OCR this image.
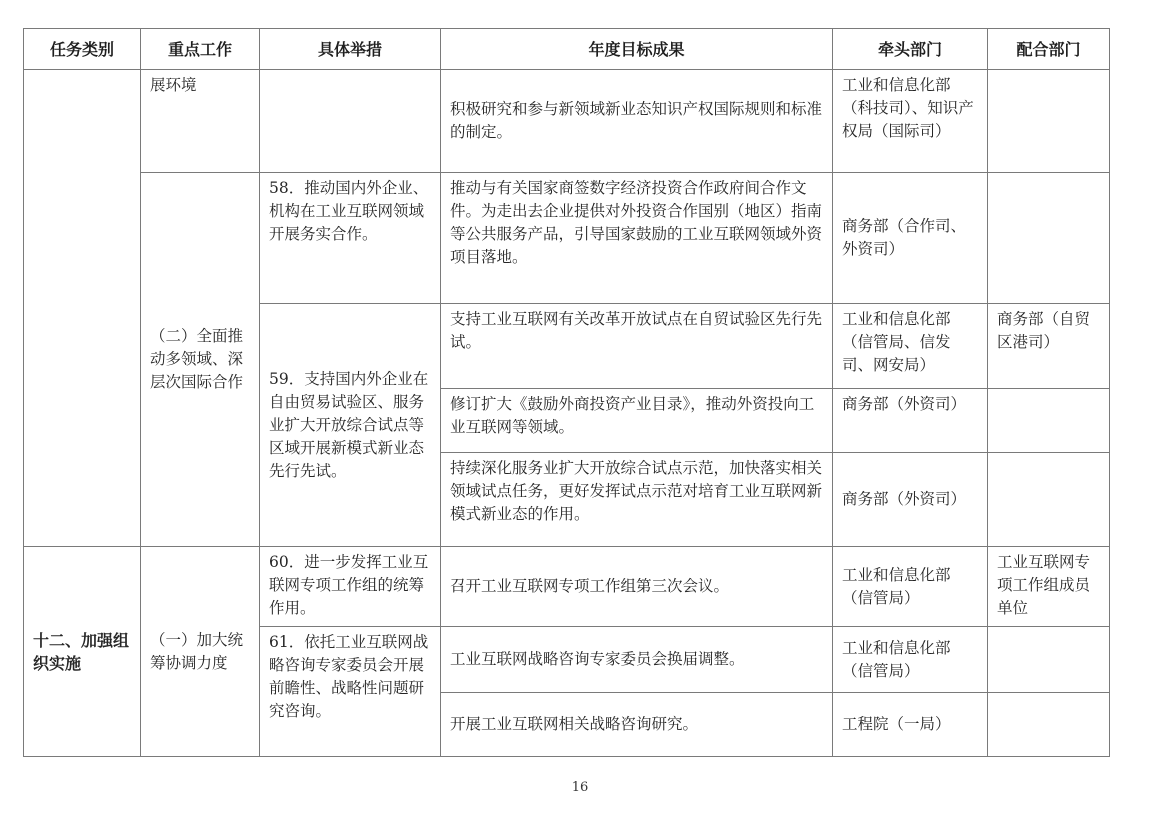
任务类别	重点工作	具体举措	年度目标成果	牵头部门	配合部门
	展环境		积极研究和参与新领域新业态知识产权国际规则和标准的制定。	工业和信息化部（科技司）、知识产权局（国际司）	
	（二）全面推动多领域、深层次国际合作	58．推动国内外企业、机构在工业互联网领域开展务实合作。	推动与有关国家商签数字经济投资合作政府间合作文件。为走出去企业提供对外投资合作国别（地区）指南等公共服务产品，引导国家鼓励的工业互联网领域外资项目落地。	商务部（合作司、外资司）	
		59．支持国内外企业在自由贸易试验区、服务业扩大开放综合试点等区域开展新模式新业态先行先试。	支持工业互联网有关改革开放试点在自贸试验区先行先试。	工业和信息化部（信管局、信发司、网安局）	商务部（自贸区港司）
			修订扩大《鼓励外商投资产业目录》，推动外资投向工业互联网等领域。	商务部（外资司）	
			持续深化服务业扩大开放综合试点示范，加快落实相关领域试点任务，更好发挥试点示范对培育工业互联网新模式新业态的作用。	商务部（外资司）	
十二、加强组织实施	（一）加大统筹协调力度	60．进一步发挥工业互联网专项工作组的统筹作用。	召开工业互联网专项工作组第三次会议。	工业和信息化部（信管局）	工业互联网专项工作组成员单位
		61．依托工业互联网战略咨询专家委员会开展前瞻性、战略性问题研究咨询。	工业互联网战略咨询专家委员会换届调整。	工业和信息化部（信管局）	
			开展工业互联网相关战略咨询研究。	工程院（一局）	
16
